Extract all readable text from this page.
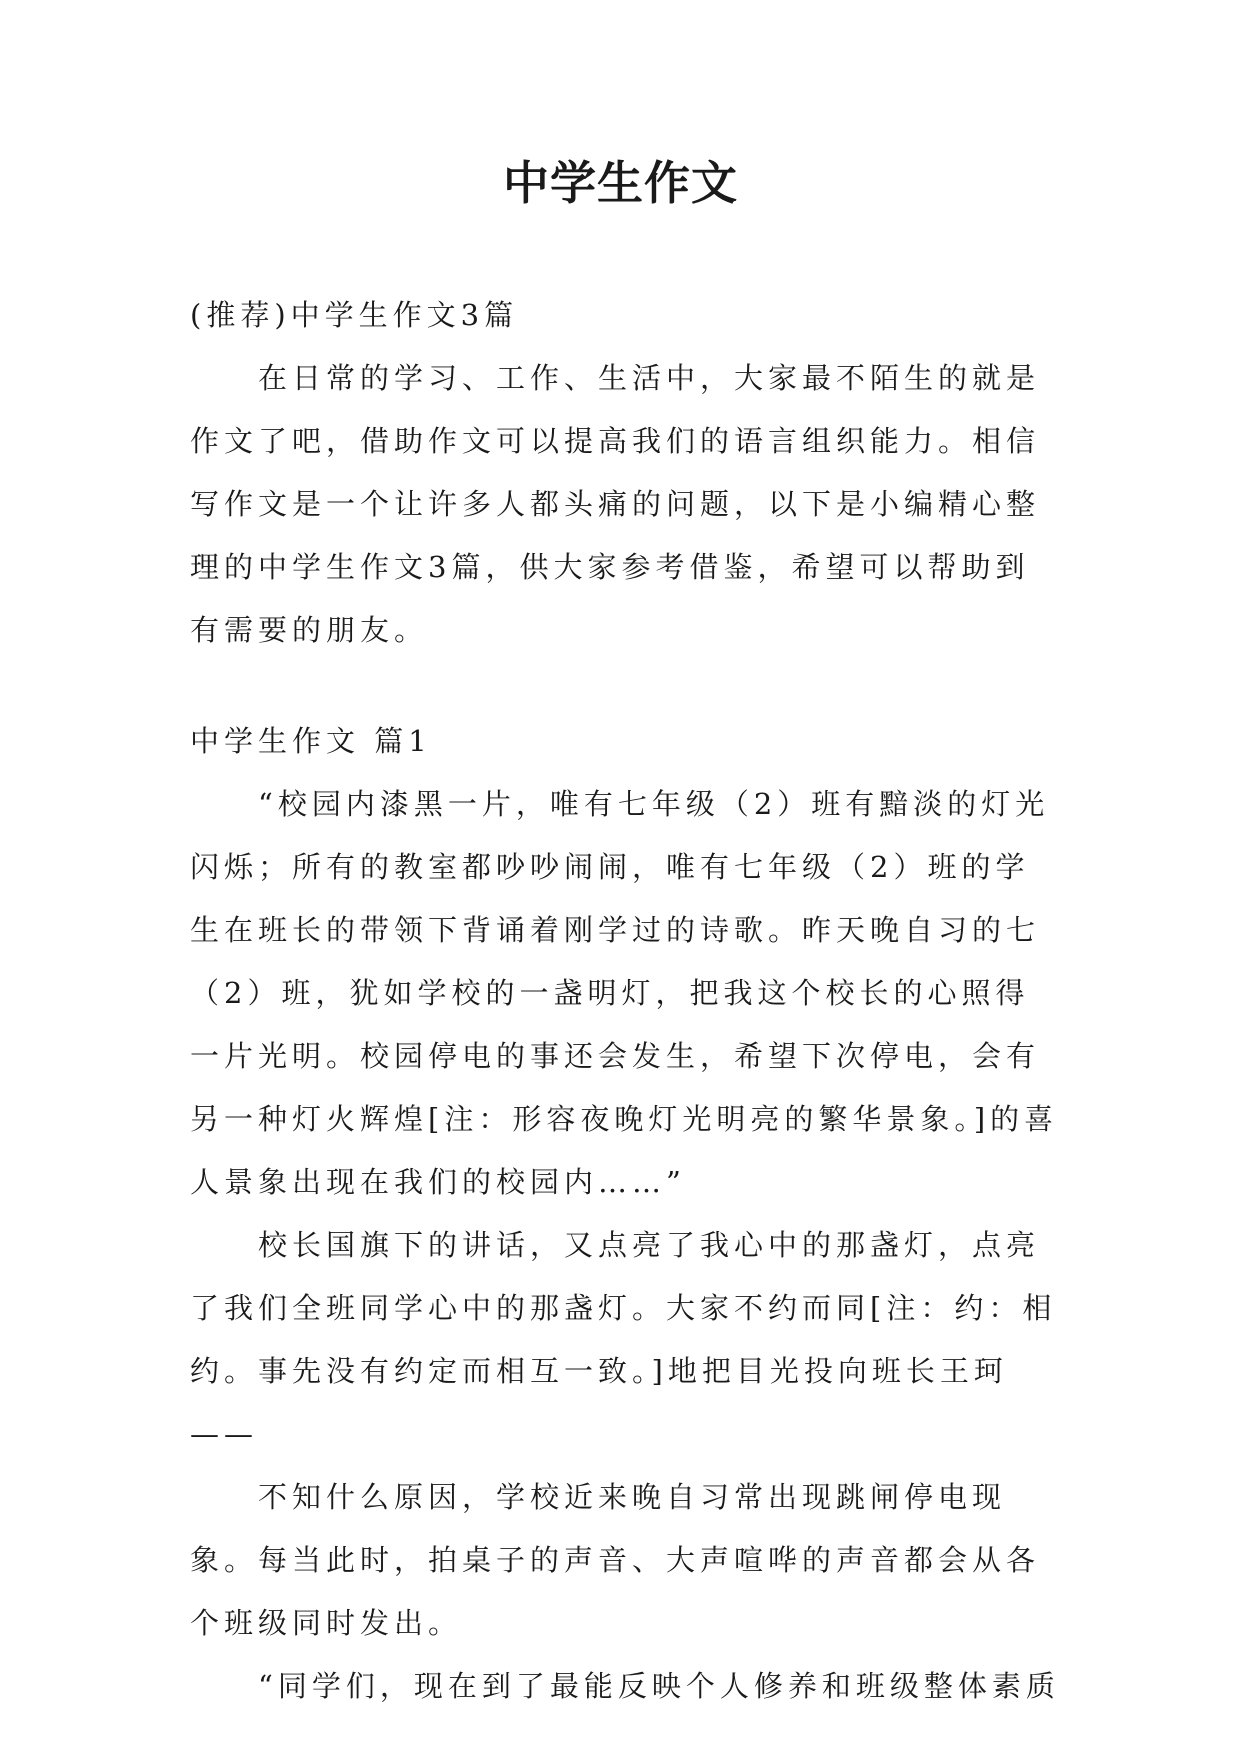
中学生作文

(推荐)中学生作文3篇

在日常的学习、工作、生活中，大家最不陌生的就是作文了吧，借助作文可以提高我们的语言组织能力。相信写作文是一个让许多人都头痛的问题，以下是小编精心整理的中学生作文3篇，供大家参考借鉴，希望可以帮助到有需要的朋友。

中学生作文 篇1

“校园内漆黑一片，唯有七年级（2）班有黯淡的灯光闪烁；所有的教室都吵吵闹闹，唯有七年级（2）班的学生在班长的带领下背诵着刚学过的诗歌。昨天晚自习的七（2）班，犹如学校的一盏明灯，把我这个校长的心照得一片光明。校园停电的事还会发生，希望下次停电，会有另一种灯火辉煌[注：形容夜晚灯光明亮的繁华景象。]的喜人景象出现在我们的校园内……”

校长国旗下的讲话，又点亮了我心中的那盏灯，点亮了我们全班同学心中的那盏灯。大家不约而同[注：约：相约。事先没有约定而相互一致。]地把目光投向班长王珂——

不知什么原因，学校近来晚自习常出现跳闸停电现象。每当此时，拍桌子的声音、大声喧哗的声音都会从各个班级同时发出。

“同学们，现在到了最能反映个人修养和班级整体素质
